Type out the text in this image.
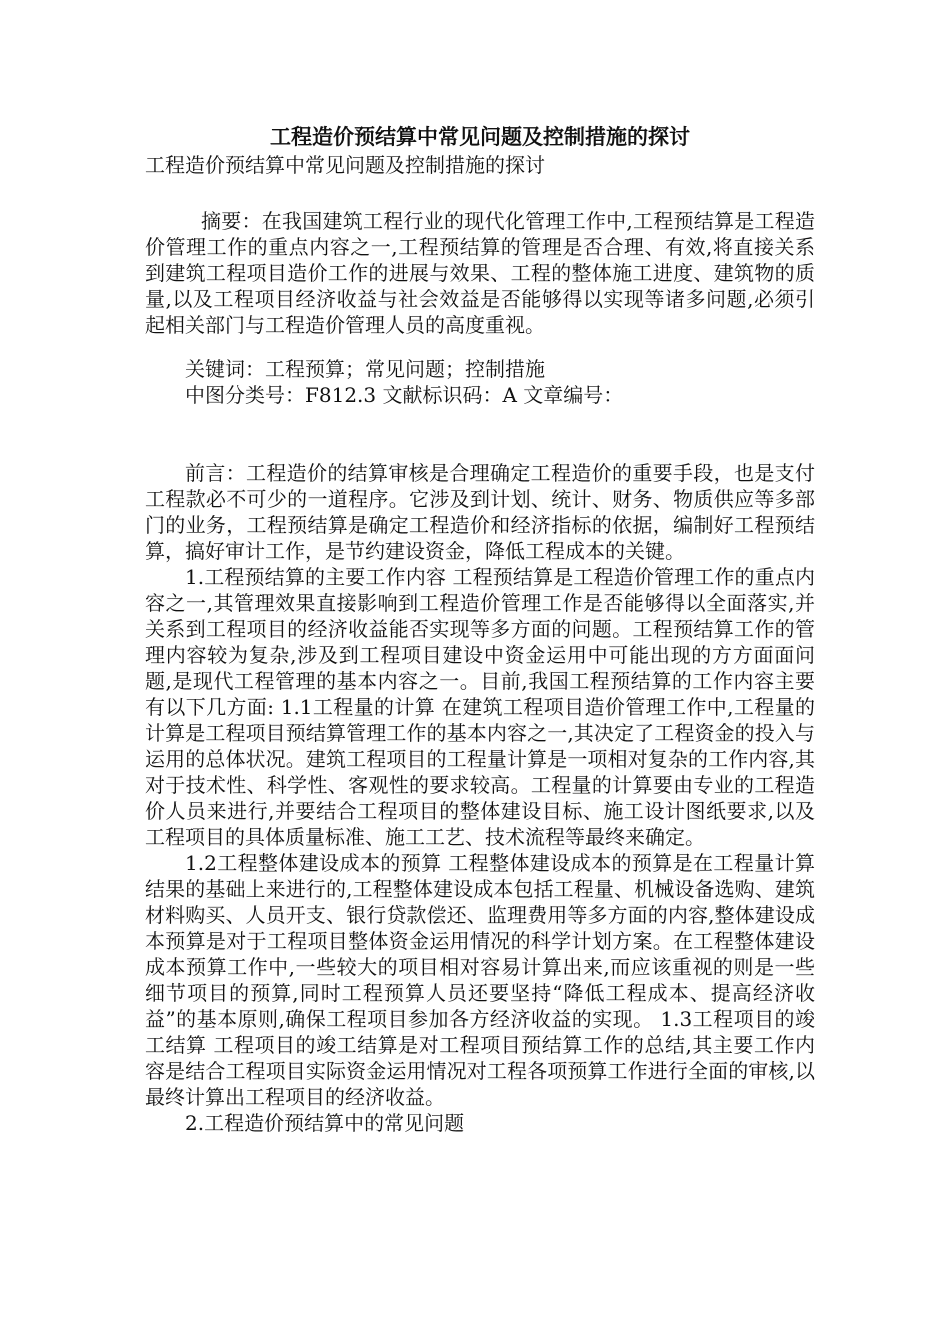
工程造价预结算中常见问题及控制措施的探讨
工程造价预结算中常见问题及控制措施的探讨

摘要：在我国建筑工程行业的现代化管理工作中,工程预结算是工程造价管理工作的重点内容之一,工程预结算的管理是否合理、有效,将直接关系到建筑工程项目造价工作的进展与效果、工程的整体施工进度、建筑物的质量,以及工程项目经济收益与社会效益是否能够得以实现等诸多问题,必须引起相关部门与工程造价管理人员的高度重视。

关键词：工程预算；常见问题；控制措施

中图分类号：F812.3 文献标识码：A 文章编号：

前言：工程造价的结算审核是合理确定工程造价的重要手段，也是支付工程款必不可少的一道程序。它涉及到计划、统计、财务、物质供应等多部门的业务，工程预结算是确定工程造价和经济指标的依据，编制好工程预结算，搞好审计工作，是节约建设资金，降低工程成本的关键。

1.工程预结算的主要工作内容 工程预结算是工程造价管理工作的重点内容之一,其管理效果直接影响到工程造价管理工作是否能够得以全面落实,并关系到工程项目的经济收益能否实现等多方面的问题。工程预结算工作的管理内容较为复杂,涉及到工程项目建设中资金运用中可能出现的方方面面问题,是现代工程管理的基本内容之一。目前,我国工程预结算的工作内容主要有以下几方面: 1.1工程量的计算 在建筑工程项目造价管理工作中,工程量的计算是工程项目预结算管理工作的基本内容之一,其决定了工程资金的投入与运用的总体状况。建筑工程项目的工程量计算是一项相对复杂的工作内容,其对于技术性、科学性、客观性的要求较高。工程量的计算要由专业的工程造价人员来进行,并要结合工程项目的整体建设目标、施工设计图纸要求,以及工程项目的具体质量标准、施工工艺、技术流程等最终来确定。

1.2工程整体建设成本的预算 工程整体建设成本的预算是在工程量计算结果的基础上来进行的,工程整体建设成本包括工程量、机械设备选购、建筑材料购买、人员开支、银行贷款偿还、监理费用等多方面的内容,整体建设成本预算是对于工程项目整体资金运用情况的科学计划方案。在工程整体建设成本预算工作中,一些较大的项目相对容易计算出来,而应该重视的则是一些细节项目的预算,同时工程预算人员还要坚持“降低工程成本、提高经济收益”的基本原则,确保工程项目参加各方经济收益的实现。 1.3工程项目的竣工结算 工程项目的竣工结算是对工程项目预结算工作的总结,其主要工作内容是结合工程项目实际资金运用情况对工程各项预算工作进行全面的审核,以最终计算出工程项目的经济收益。

2.工程造价预结算中的常见问题
